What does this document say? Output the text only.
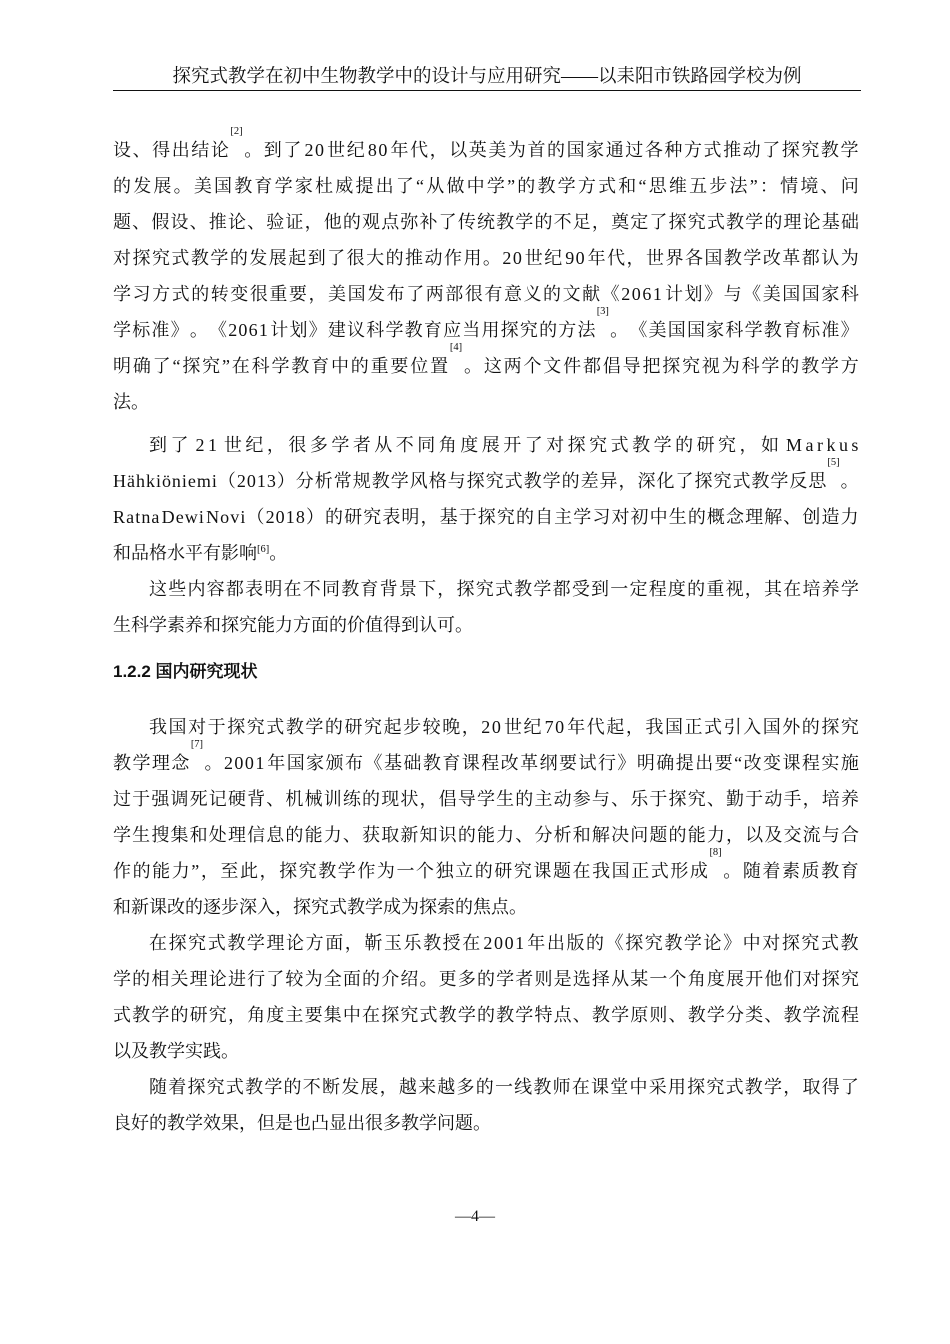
探究式教学在初中生物教学中的设计与应用研究——以耒阳市铁路园学校为例
设 、 得 出 结 论
[2]
。 到 了 2 0 世 纪 8 0 年 代 ， 以 英 美 为 首 的 国 家 通 过 各 种 方 式 推 动 了 探 究 教 学
的 发 展 。 美 国 教 育 学 家 杜 威 提 出 了 “ 从 做 中 学 ” 的 教 学 方 式 和 “ 思 维 五 步 法 ” ： 情 境 、 问
题 、 假 设 、 推 论 、 验 证 ， 他 的 观 点 弥 补 了 传 统 教 学 的 不 足 ， 奠 定 了 探 究 式 教 学 的 理 论 基 础
对 探 究 式 教 学 的 发 展 起 到 了 很 大 的 推 动 作 用 。 2 0 世 纪 9 0 年 代 ， 世 界 各 国 教 学 改 革 都 认 为
学 习 方 式 的 转 变 很 重 要 ， 美 国 发 布 了 两 部 很 有 意 义 的 文 献 《 2 0 6 1 计 划 》 与 《 美 国 国 家 科
学 标 准 》 。 《 2 0 6 1 计 划 》 建 议 科 学 教 育 应 当 用 探 究 的 方 法
[3]
。 《 美 国 国 家 科 学 教 育 标 准 》
明 确 了 “ 探 究 ” 在 科 学 教 育 中 的 重 要 位 置
[4]
。 这 两 个 文 件 都 倡 导 把 探 究 视 为 科 学 的 教 学 方
法。
到 了 2 1 世 纪 ， 很 多 学 者 从 不 同 角 度 展 开 了 对 探 究 式 教 学 的 研 究 ， 如 M a r k u s
H ä h k i ö n i e m i （ 2 0 1 3 ） 分 析 常 规 教 学 风 格 与 探 究 式 教 学 的 差 异 ， 深 化 了 探 究 式 教 学 反 思
[5]
。
R a t n a D e w i N o v i （ 2 0 1 8 ） 的 研 究 表 明 ， 基 于 探 究 的 自 主 学 习 对 初 中 生 的 概 念 理 解 、 创 造 力
和品格水平有影响[6]。
这 些 内 容 都 表 明 在 不 同 教 育 背 景 下 ， 探 究 式 教 学 都 受 到 一 定 程 度 的 重 视 ， 其 在 培 养 学
生科学素养和探究能力方面的价值得到认可。
1.2.2 国内研究现状
我 国 对 于 探 究 式 教 学 的 研 究 起 步 较 晚 ， 2 0 世 纪 7 0 年 代 起 ， 我 国 正 式 引 入 国 外 的 探 究
教 学 理 念
[7]
。 2 0 0 1 年 国 家 颁 布 《 基 础 教 育 课 程 改 革 纲 要 试 行 》 明 确 提 出 要 “ 改 变 课 程 实 施
过 于 强 调 死 记 硬 背 、 机 械 训 练 的 现 状 ， 倡 导 学 生 的 主 动 参 与 、 乐 于 探 究 、 勤 于 动 手 ， 培 养
学 生 搜 集 和 处 理 信 息 的 能 力 、 获 取 新 知 识 的 能 力 、 分 析 和 解 决 问 题 的 能 力 ， 以 及 交 流 与 合
作 的 能 力 ” ， 至 此 ， 探 究 教 学 作 为 一 个 独 立 的 研 究 课 题 在 我 国 正 式 形 成
[8]
。 随 着 素 质 教 育
和新课改的逐步深入，探究式教学成为探索的焦点。
在 探 究 式 教 学 理 论 方 面 ， 靳 玉 乐 教 授 在 2 0 0 1 年 出 版 的 《 探 究 教 学 论 》 中 对 探 究 式 教
学 的 相 关 理 论 进 行 了 较 为 全 面 的 介 绍 。 更 多 的 学 者 则 是 选 择 从 某 一 个 角 度 展 开 他 们 对 探 究
式 教 学 的 研 究 ， 角 度 主 要 集 中 在 探 究 式 教 学 的 教 学 特 点 、 教 学 原 则 、 教 学 分 类 、 教 学 流 程
以及教学实践。
随 着 探 究 式 教 学 的 不 断 发 展 ， 越 来 越 多 的 一 线 教 师 在 课 堂 中 采 用 探 究 式 教 学 ， 取 得 了
良好的教学效果，但是也凸显出很多教学问题。
—4—
